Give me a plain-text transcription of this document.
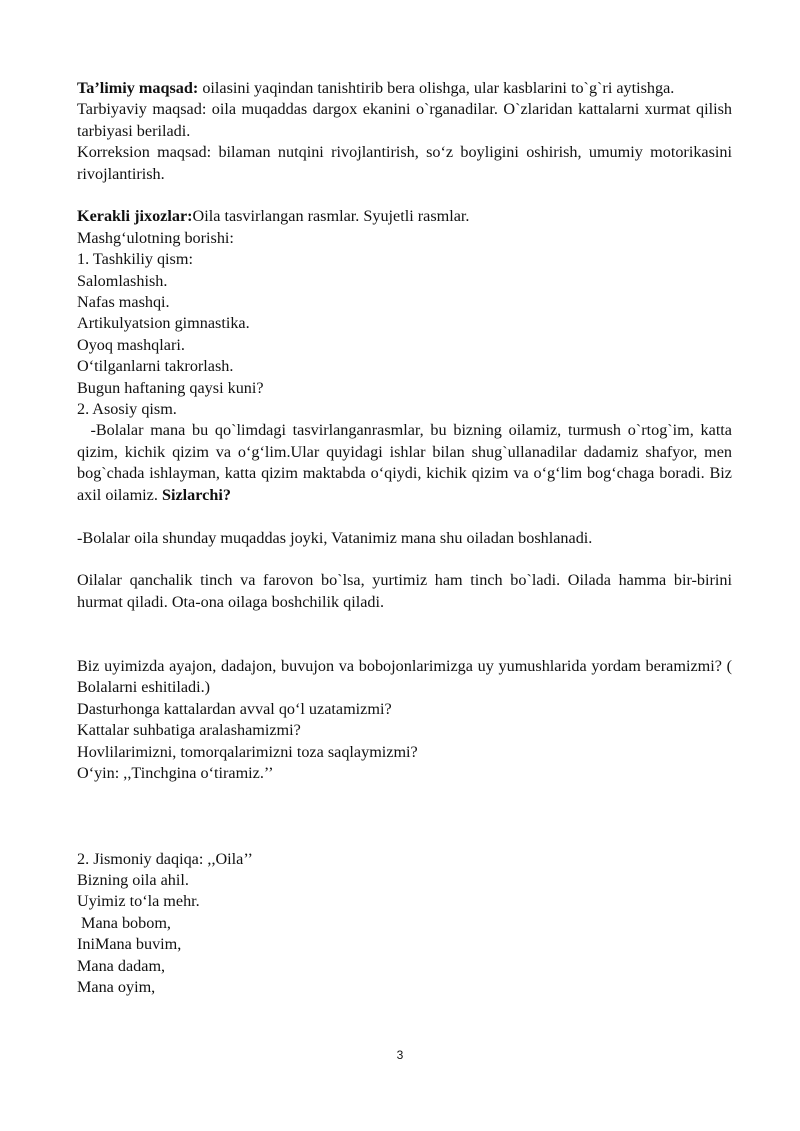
Ta’limiy maqsad: oilasini yaqindan tanishtirib bera olishga, ular kasblarini to`g`ri aytishga.

Tarbiyaviy maqsad: oila muqaddas dargox ekanini o`rganadilar. O`zlaridan kattalarni xurmat qilish tarbiyasi beriladi.

Korreksion maqsad: bilaman nutqini rivojlantirish, so‘z boyligini oshirish, umumiy motorikasini rivojlantirish.

Kerakli jixozlar:Oila tasvirlangan rasmlar. Syujetli rasmlar.

Mashg‘ulotning borishi:

1. Tashkiliy qism:

Salomlashish.

Nafas mashqi.

Artikulyatsion gimnastika.

Oyoq mashqlari.

O‘tilganlarni takrorlash.

Bugun haftaning qaysi kuni?

2. Asosiy qism.

-Bolalar mana bu qo`limdagi tasvirlanganrasmlar, bu bizning oilamiz, turmush o`rtog`im, katta qizim, kichik qizim va o‘g‘lim.Ular quyidagi ishlar bilan shug`ullanadilar dadamiz shafyor, men bog`chada ishlayman, katta qizim maktabda o‘qiydi, kichik qizim va o‘g‘lim bog‘chaga boradi. Biz axil oilamiz. Sizlarchi?

-Bolalar oila shunday muqaddas joyki, Vatanimiz mana shu oiladan boshlanadi.

Oilalar qanchalik tinch va farovon bo`lsa, yurtimiz ham tinch bo`ladi. Oilada hamma bir-birini hurmat qiladi. Ota-ona oilaga boshchilik qiladi.

Biz uyimizda ayajon, dadajon, buvujon va bobojonlarimizga uy yumushlarida yordam beramizmi? ( Bolalarni eshitiladi.)

Dasturhonga kattalardan avval qo‘l uzatamizmi?

Kattalar suhbatiga aralashamizmi?

Hovlilarimizni, tomorqalarimizni toza saqlaymizmi?

O‘yin: ,,Tinchgina o‘tiramiz.’’

2. Jismoniy daqiqa: ,,Oila’’

Bizning oila ahil.

Uyimiz to‘la mehr.

Mana bobom,

IniMana buvim,

Mana dadam,

Mana oyim,

3
